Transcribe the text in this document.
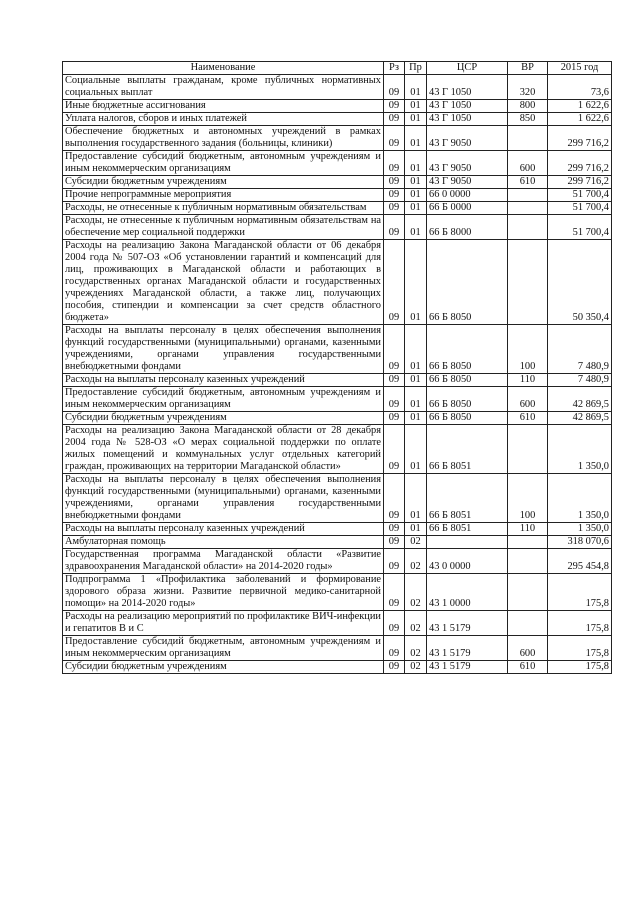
Наименование	Рз	Пр	ЦСР	ВР	2015 год
Социальные выплаты гражданам, кроме публичных нормативных социальных выплат	09	01	43 Г 1050	320	73,6
Иные бюджетные ассигнования	09	01	43 Г 1050	800	1 622,6
Уплата налогов, сборов и иных платежей	09	01	43 Г 1050	850	1 622,6
Обеспечение бюджетных и автономных учреждений в рамках выполнения государственного задания (больницы, клиники)	09	01	43 Г 9050		299 716,2
Предоставление субсидий бюджетным, автономным учреждениям и иным некоммерческим организациям	09	01	43 Г 9050	600	299 716,2
Субсидии бюджетным учреждениям	09	01	43 Г 9050	610	299 716,2
Прочие непрограммные мероприятия	09	01	66 0 0000		51 700,4
Расходы, не отнесенные к публичным нормативным обязательствам	09	01	66 Б 0000		51 700,4
Расходы, не отнесенные к публичным нормативным обязательствам на обеспечение мер социальной поддержки	09	01	66 Б 8000		51 700,4
Расходы на реализацию Закона Магаданской области от 06 декабря 2004 года № 507-ОЗ «Об установлении гарантий и компенсаций для лиц, проживающих в Магаданской области и работающих в государственных органах Магаданской области и государственных учреждениях Магаданской области, а также лиц, получающих пособия, стипендии и компенсации за счет средств областного бюджета»	09	01	66 Б 8050		50 350,4
Расходы на выплаты персоналу в целях обеспечения выполнения функций государственными (муниципальными) органами, казенными учреждениями, органами управления государственными внебюджетными фондами	09	01	66 Б 8050	100	7 480,9
Расходы на выплаты персоналу казенных учреждений	09	01	66 Б 8050	110	7 480,9
Предоставление субсидий бюджетным, автономным учреждениям и иным некоммерческим организациям	09	01	66 Б 8050	600	42 869,5
Субсидии бюджетным учреждениям	09	01	66 Б 8050	610	42 869,5
Расходы на реализацию Закона Магаданской области от 28 декабря 2004 года № 528-ОЗ «О мерах социальной поддержки по оплате жилых помещений и коммунальных услуг отдельных категорий граждан, проживающих на территории Магаданской области»	09	01	66 Б 8051		1 350,0
Расходы на выплаты персоналу в целях обеспечения выполнения функций государственными (муниципальными) органами, казенными учреждениями, органами управления государственными внебюджетными фондами	09	01	66 Б 8051	100	1 350,0
Расходы на выплаты персоналу казенных учреждений	09	01	66 Б 8051	110	1 350,0
Амбулаторная помощь	09	02			318 070,6
Государственная программа Магаданской области «Развитие здравоохранения Магаданской области» на 2014-2020 годы»	09	02	43 0 0000		295 454,8
Подпрограмма 1 «Профилактика заболеваний и формирование здорового образа жизни. Развитие первичной медико-санитарной помощи» на 2014-2020 годы»	09	02	43 1 0000		175,8
Расходы на реализацию мероприятий по профилактике ВИЧ-инфекции и гепатитов В и С	09	02	43 1 5179		175,8
Предоставление субсидий бюджетным, автономным учреждениям и иным некоммерческим организациям	09	02	43 1 5179	600	175,8
Субсидии бюджетным учреждениям	09	02	43 1 5179	610	175,8
